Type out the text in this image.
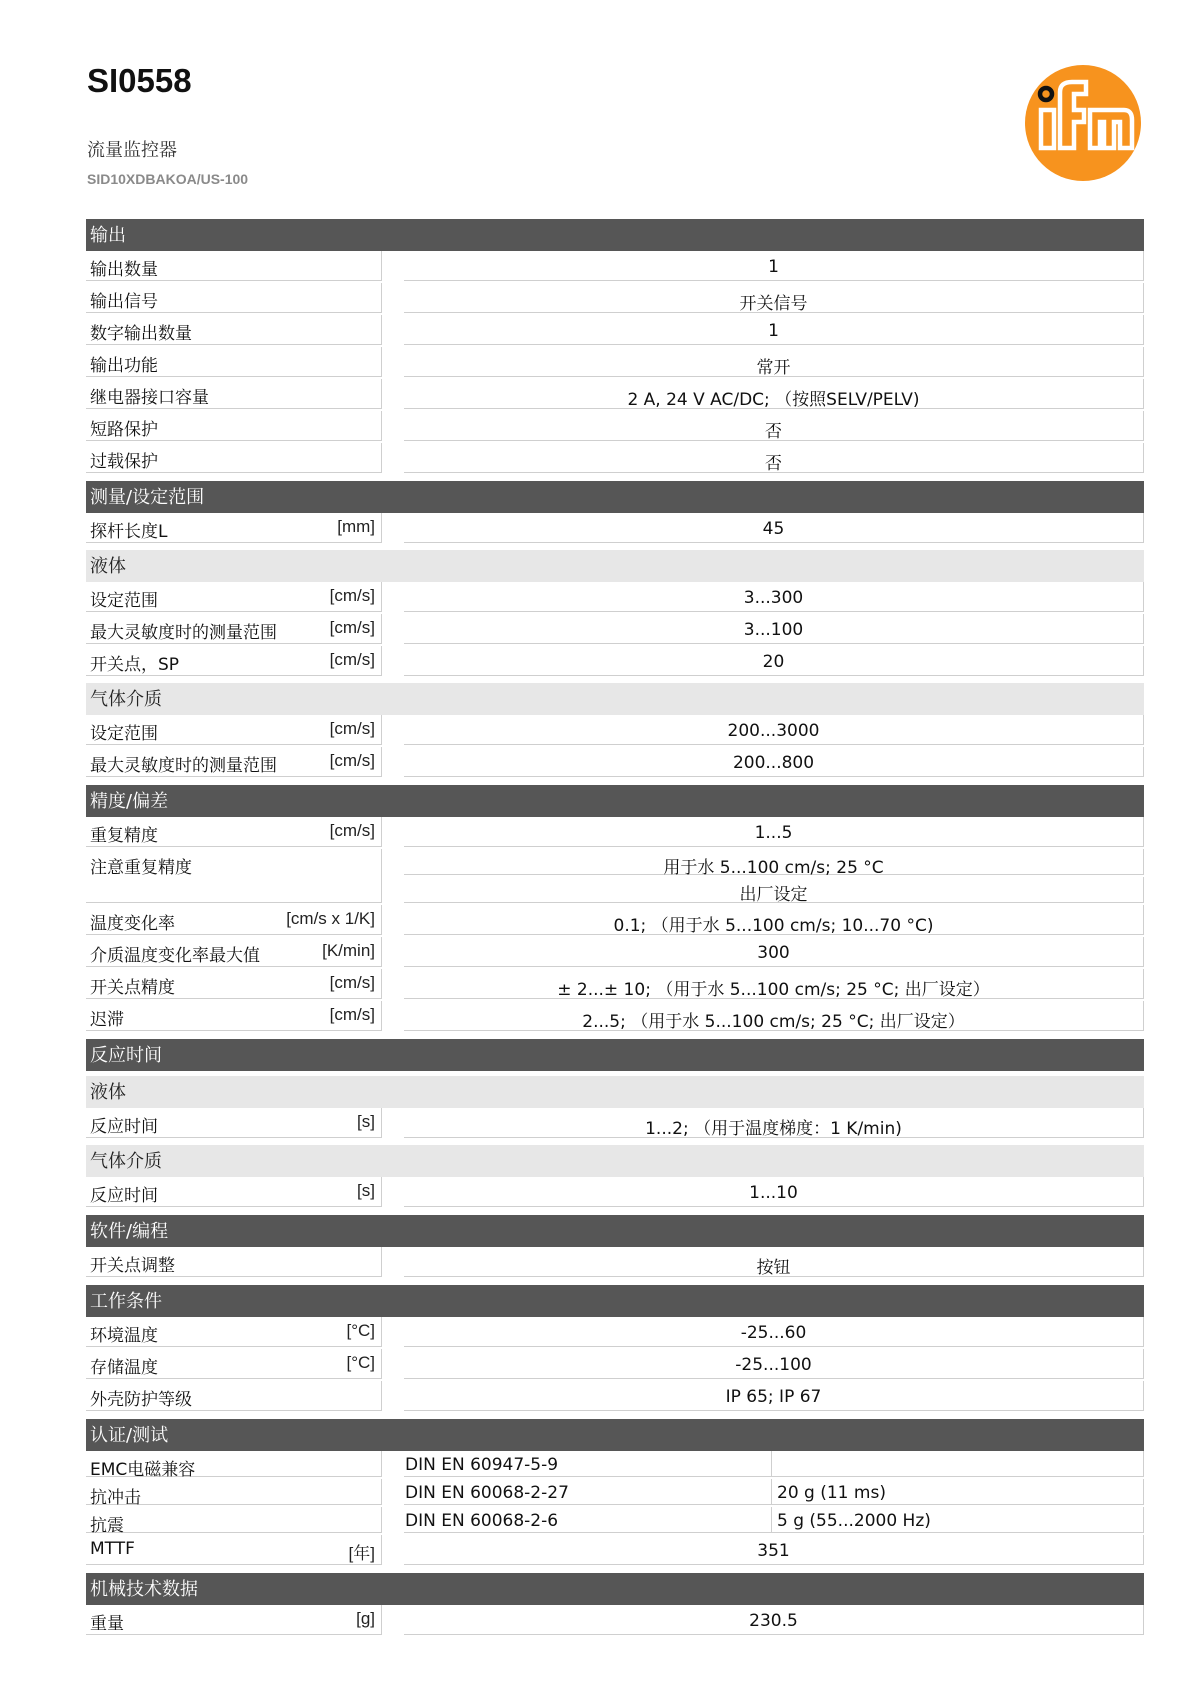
SI0558
流量监控器
SID10XDBAKOA/US-100
ifm
输出
输出数量	1
输出信号	开关信号
数字输出数量	1
输出功能	常开
继电器接口容量	2 A, 24 V AC/DC; （按照SELV/PELV)
短路保护	否
过载保护	否
测量/设定范围
探杆长度L	[mm]	45
液体
设定范围	[cm/s]	3...300
最大灵敏度时的测量范围	[cm/s]	3...100
开关点，SP	[cm/s]	20
气体介质
设定范围	[cm/s]	200...3000
最大灵敏度时的测量范围	[cm/s]	200...800
精度/偏差
重复精度	[cm/s]	1...5
注意重复精度	用于水 5...100 cm/s; 25 °C
出厂设定
温度变化率	[cm/s x 1/K]	0.1; （用于水 5...100 cm/s; 10...70 °C)
介质温度变化率最大值	[K/min]	300
开关点精度	[cm/s]	± 2...± 10; （用于水 5...100 cm/s; 25 °C; 出厂设定）
迟滞	[cm/s]	2...5; （用于水 5...100 cm/s; 25 °C; 出厂设定）
反应时间
液体
反应时间	[s]	1...2; （用于温度梯度：1 K/min)
气体介质
反应时间	[s]	1...10
软件/编程
开关点调整	按钮
工作条件
环境温度	[°C]	-25...60
存储温度	[°C]	-25...100
外壳防护等级	IP 65; IP 67
认证/测试
EMC电磁兼容	DIN EN 60947-5-9
抗冲击	DIN EN 60068-2-27	20 g (11 ms)
抗震	DIN EN 60068-2-6	5 g (55...2000 Hz)
MTTF	[年]	351
机械技术数据
重量	[g]	230.5
